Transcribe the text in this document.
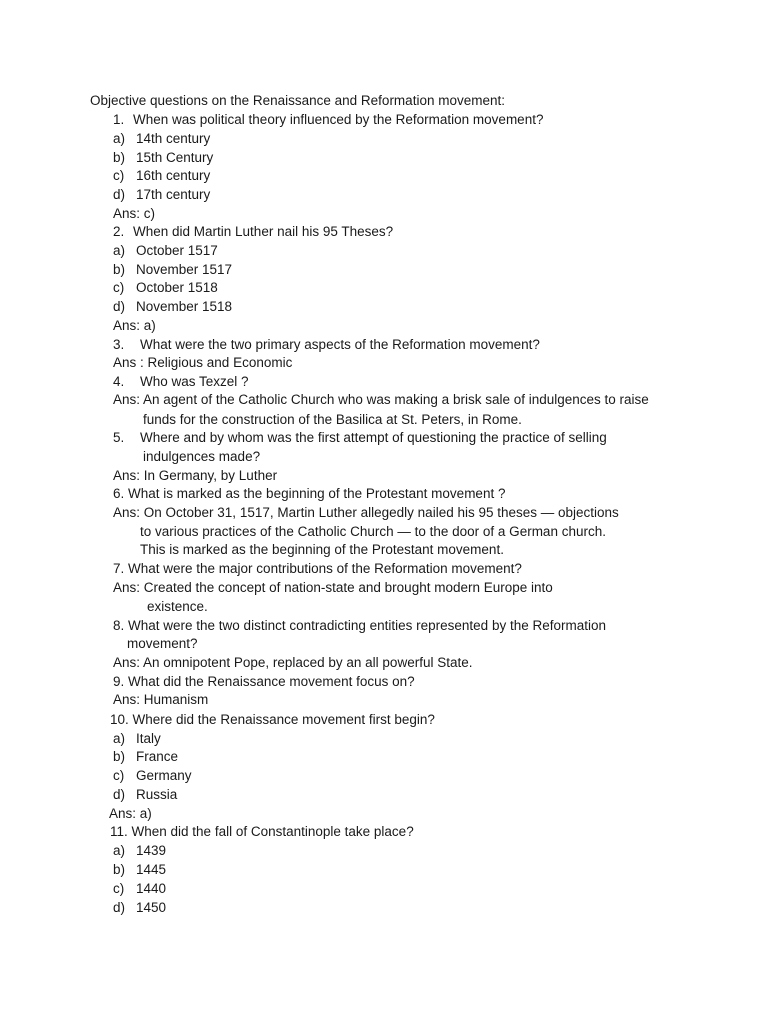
Objective questions on the Renaissance and Reformation movement:
1. When was political theory influenced by the Reformation movement?
a) 14th century
b) 15th Century
c) 16th century
d) 17th century
Ans: c)
2. When did Martin Luther nail his 95 Theses?
a) October 1517
b) November 1517
c) October 1518
d) November 1518
Ans: a)
3. What were the two primary aspects of the Reformation movement?
Ans : Religious and Economic
4. Who was Texzel ?
Ans: An agent of the Catholic Church who was making a brisk sale of indulgences to raise
funds for the construction of the Basilica at St. Peters, in Rome.
5. Where and by whom was the first attempt of questioning the practice of selling
indulgences made?
Ans: In Germany, by Luther
6. What is marked as the beginning of the Protestant movement ?
Ans: On October 31, 1517, Martin Luther allegedly nailed his 95 theses — objections
to various practices of the Catholic Church — to the door of a German church.
This is marked as the beginning of the Protestant movement.
7. What were the major contributions of the Reformation movement?
Ans: Created the concept of nation-state and brought modern Europe into
existence.
8. What were the two distinct contradicting entities represented by the Reformation
movement?
Ans: An omnipotent Pope, replaced by an all powerful State.
9. What did the Renaissance movement focus on?
Ans: Humanism
10. Where did the Renaissance movement first begin?
a) Italy
b) France
c) Germany
d) Russia
Ans: a)
11. When did the fall of Constantinople take place?
a) 1439
b) 1445
c) 1440
d) 1450
